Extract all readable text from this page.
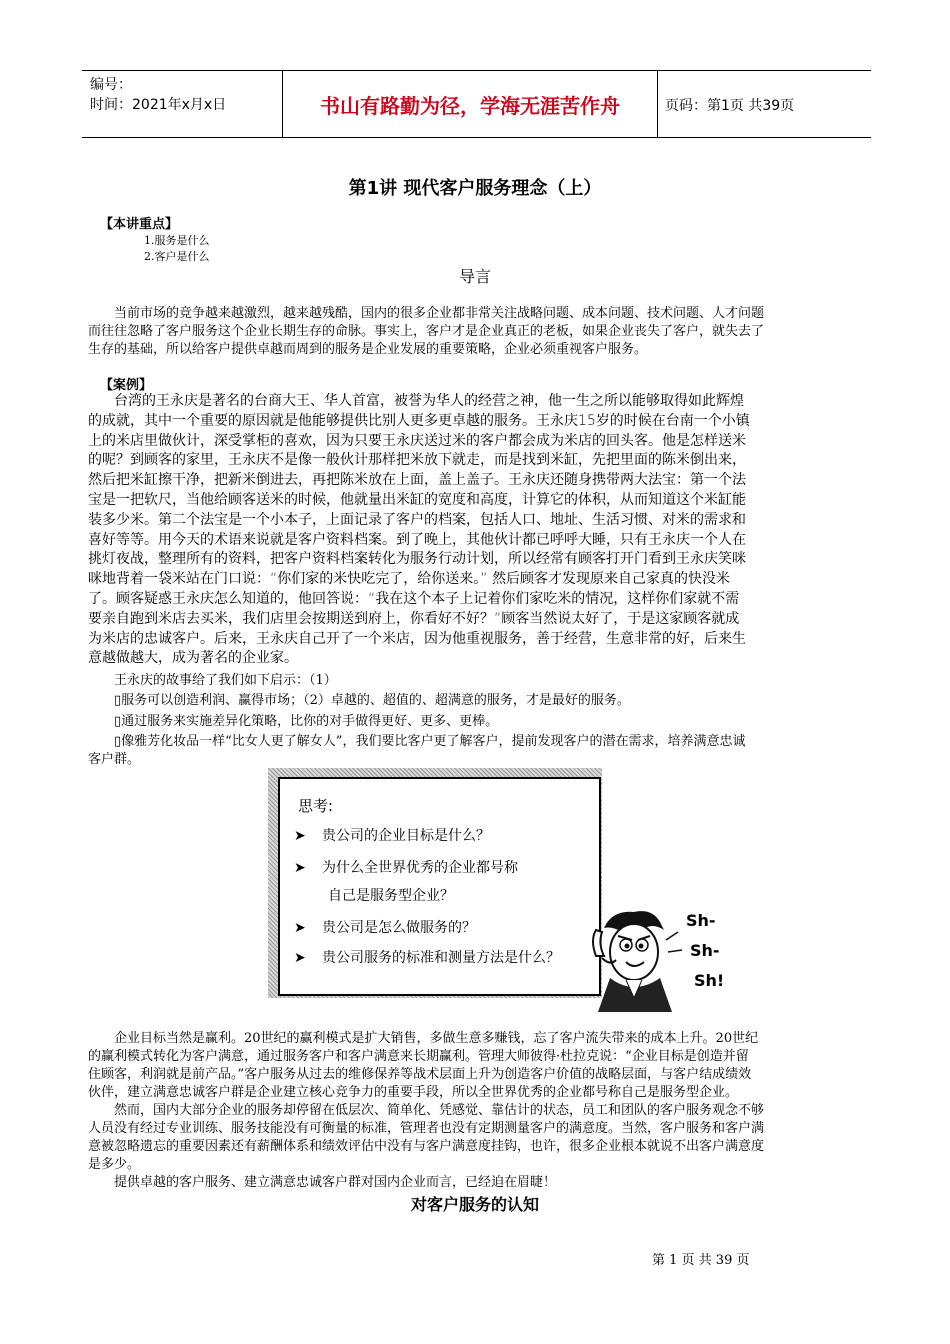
编号：
时间：2021年x月x日	书山有路勤为径，学海无涯苦作舟	页码：第1页 共39页
第1讲 现代客户服务理念（上）
【本讲重点】
1.服务是什么
2.客户是什么
导言
当前市场的竞争越来越激烈，越来越残酷，国内的很多企业都非常关注战略问题、成本问题、技术问题、人才问题
而往往忽略了客户服务这个企业长期生存的命脉。事实上，客户才是企业真正的老板，如果企业丧失了客户，就失去了
生存的基础，所以给客户提供卓越而周到的服务是企业发展的重要策略，企业必须重视客户服务。
【案例】
台湾的王永庆是著名的台商大王、华人首富，被誉为华人的经营之神，他一生之所以能够取得如此辉煌
的成就，其中一个重要的原因就是他能够提供比别人更多更卓越的服务。王永庆15岁的时候在台南一个小镇
上的米店里做伙计，深受掌柜的喜欢，因为只要王永庆送过米的客户都会成为米店的回头客。他是怎样送米
的呢？到顾客的家里，王永庆不是像一般伙计那样把米放下就走，而是找到米缸，先把里面的陈米倒出来，
然后把米缸擦干净，把新米倒进去，再把陈米放在上面，盖上盖子。王永庆还随身携带两大法宝：第一个法
宝是一把软尺，当他给顾客送米的时候，他就量出米缸的宽度和高度，计算它的体积，从而知道这个米缸能
装多少米。第二个法宝是一个小本子，上面记录了客户的档案，包括人口、地址、生活习惯、对米的需求和
喜好等等。用今天的术语来说就是客户资料档案。到了晚上，其他伙计都已呼呼大睡，只有王永庆一个人在
挑灯夜战，整理所有的资料，把客户资料档案转化为服务行动计划，所以经常有顾客打开门看到王永庆笑咪
咪地背着一袋米站在门口说：“你们家的米快吃完了，给你送来。” 然后顾客才发现原来自己家真的快没米
了。顾客疑惑王永庆怎么知道的，他回答说：“我在这个本子上记着你们家吃米的情况，这样你们家就不需
要亲自跑到米店去买米，我们店里会按期送到府上，你看好不好？”顾客当然说太好了，于是这家顾客就成
为米店的忠诚客户。后来，王永庆自己开了一个米店，因为他重视服务，善于经营，生意非常的好，后来生
意越做越大，成为著名的企业家。
王永庆的故事给了我们如下启示：（1）
▯服务可以创造利润、赢得市场；（2）卓越的、超值的、超满意的服务，才是最好的服务。
▯通过服务来实施差异化策略，比你的对手做得更好、更多、更棒。
▯像雅芳化妆品一样“比女人更了解女人”，我们要比客户更了解客户，提前发现客户的潜在需求，培养满意忠诚
客户群。
思考:
➤ 贵公司的企业目标是什么？
➤ 为什么全世界优秀的企业都号称
自己是服务型企业？
➤ 贵公司是怎么做服务的？
➤ 贵公司服务的标准和测量方法是什么？
Sh-
Sh-
Sh!
企业目标当然是赢利。20世纪的赢利模式是扩大销售，多做生意多赚钱，忘了客户流失带来的成本上升。20世纪
的赢利模式转化为客户满意，通过服务客户和客户满意来长期赢利。管理大师彼得·杜拉克说：“企业目标是创造并留
住顾客，利润就是前产品。”客户服务从过去的维修保养等战术层面上升为创造客户价值的战略层面，与客户结成绩效
伙伴，建立满意忠诚客户群是企业建立核心竞争力的重要手段，所以全世界优秀的企业都号称自己是服务型企业。
然而，国内大部分企业的服务却停留在低层次、简单化、凭感觉、靠估计的状态，员工和团队的客户服务观念不够
人员没有经过专业训练、服务技能没有可衡量的标准，管理者也没有定期测量客户的满意度。当然，客户服务和客户满
意被忽略遗忘的重要因素还有薪酬体系和绩效评估中没有与客户满意度挂钩，也许，很多企业根本就说不出客户满意度
是多少。
提供卓越的客户服务、建立满意忠诚客户群对国内企业而言，已经迫在眉睫！
对客户服务的认知
第 1 页 共 39 页
